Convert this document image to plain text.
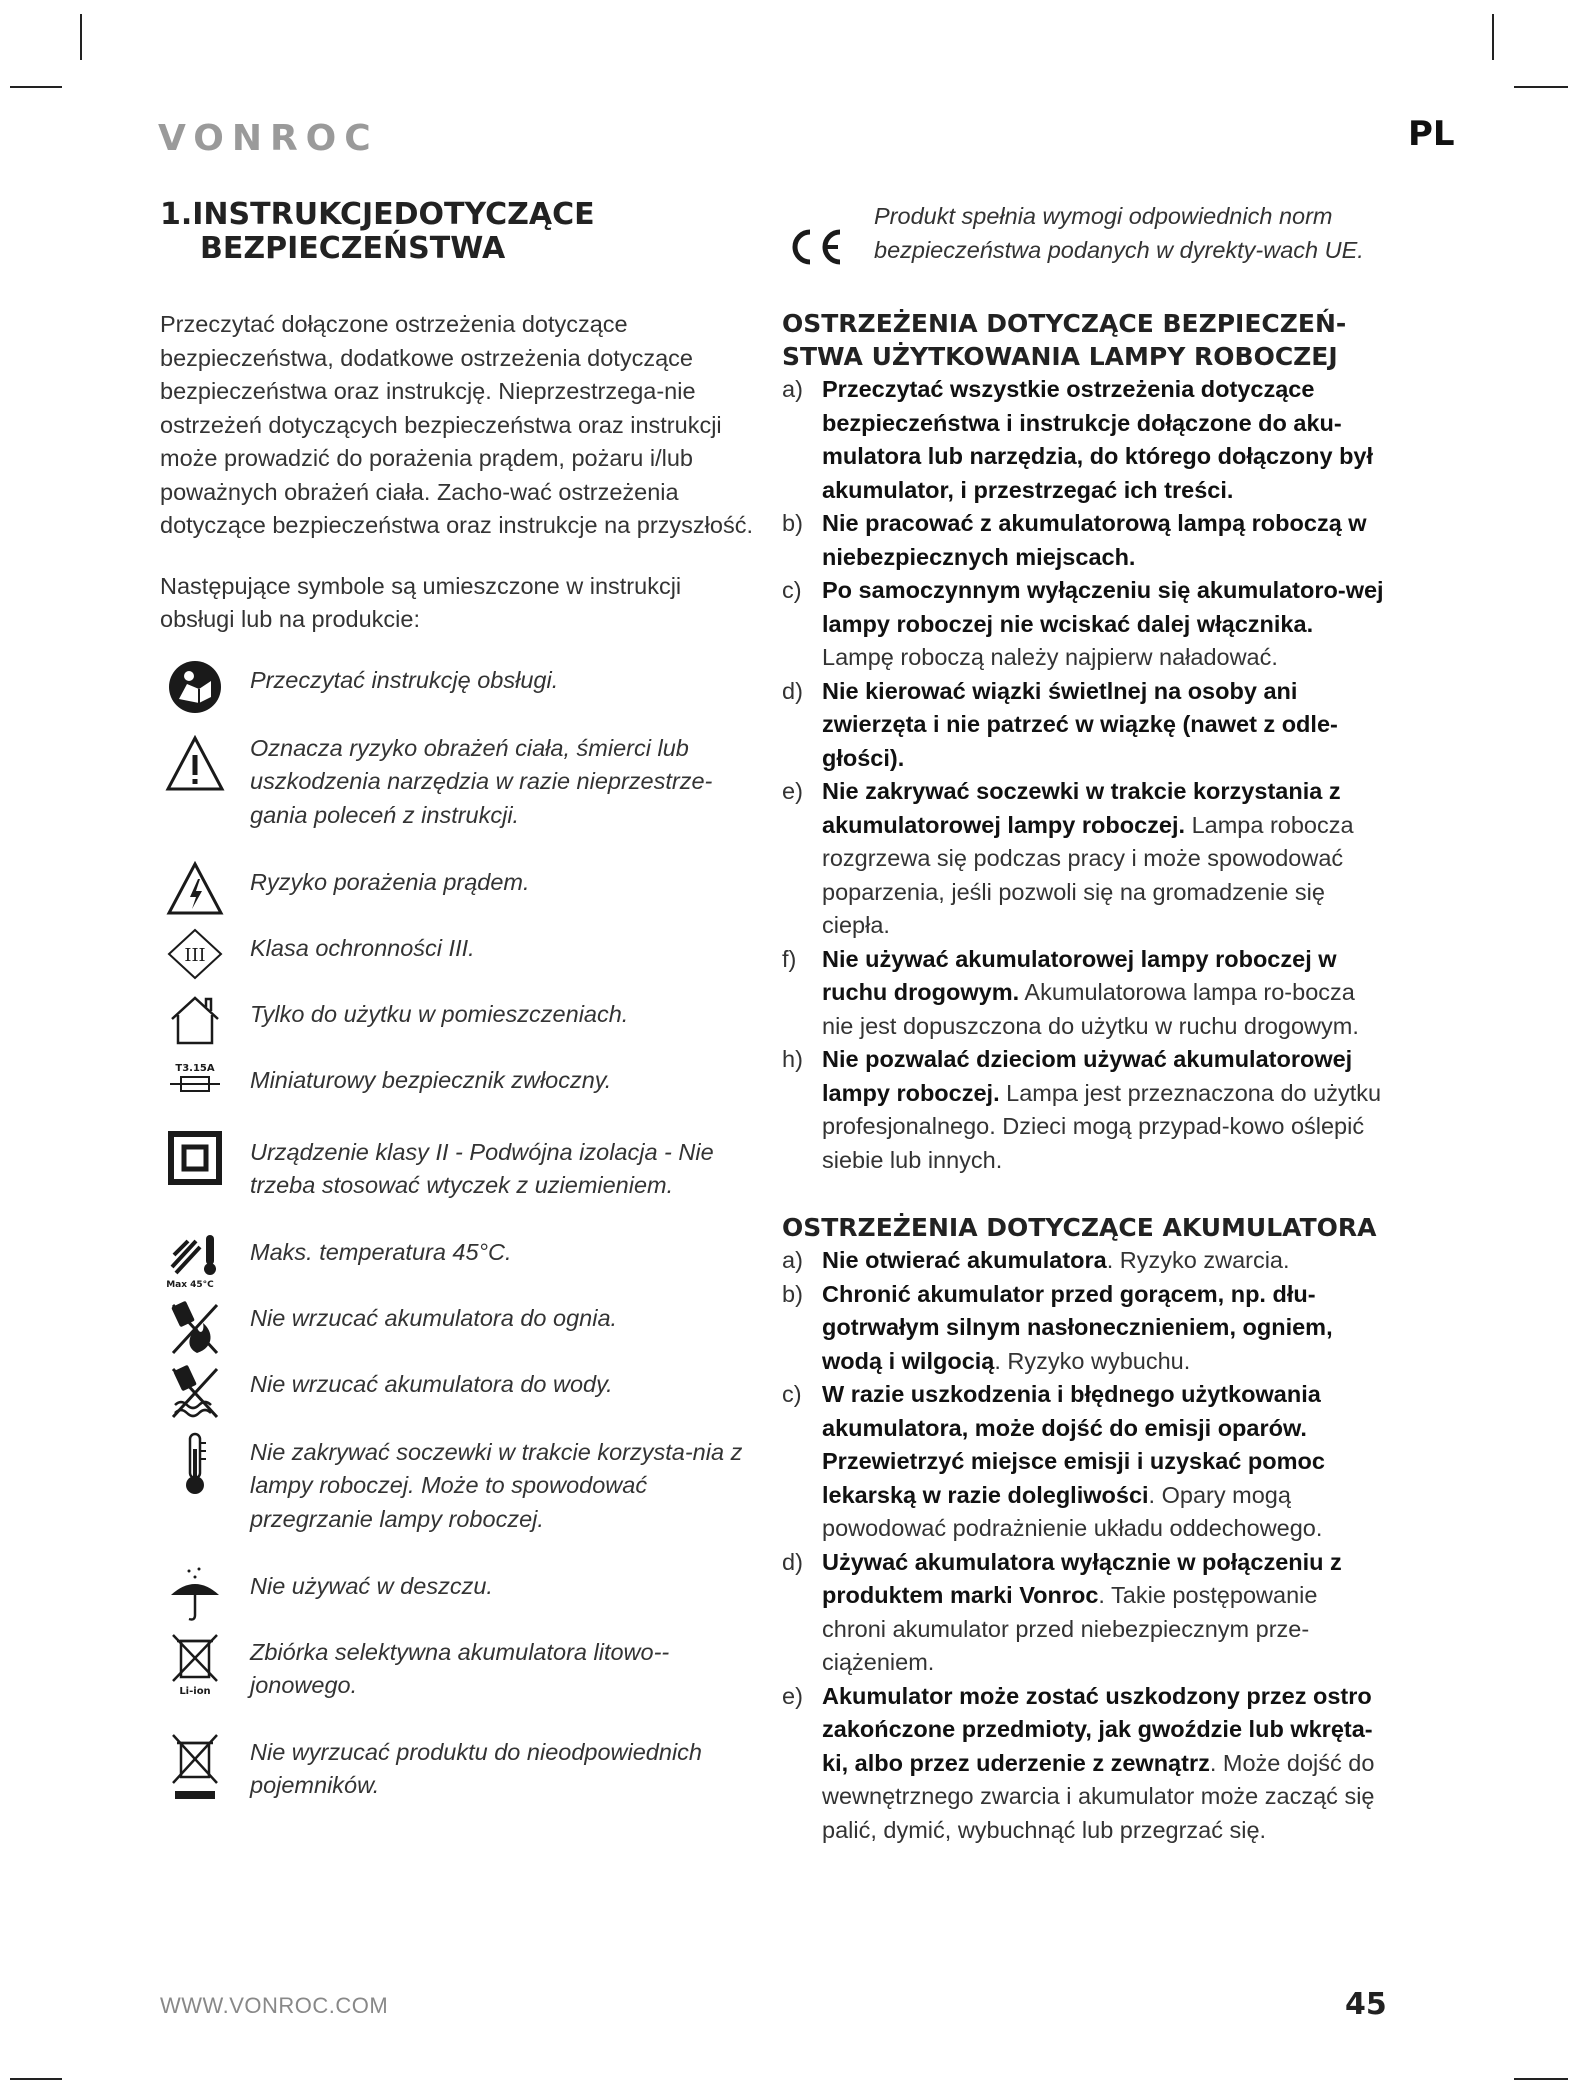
VONROC	PL
1.INSTRUKCJEDOTYCZĄCE
BEZPIECZEŃSTWA

Przeczytać dołączone ostrzeżenia dotyczące bezpieczeństwa, dodatkowe ostrzeżenia dotyczące bezpieczeństwa oraz instrukcję. Nieprzestrzega-nie ostrzeżeń dotyczących bezpieczeństwa oraz instrukcji może prowadzić do porażenia prądem, pożaru i/lub poważnych obrażeń ciała. Zacho-wać ostrzeżenia dotyczące bezpieczeństwa oraz instrukcje na przyszłość.

Następujące symbole są umieszczone w instrukcji obsługi lub na produkcie:

Przeczytać instrukcję obsługi.
Oznacza ryzyko obrażeń ciała, śmierci lub uszkodzenia narzędzia w razie nieprzestrze-gania poleceń z instrukcji.
Ryzyko porażenia prądem.
III	Klasa ochronności III.
Tylko do użytku w pomieszczeniach.
T3.15A	Miniaturowy bezpiecznik zwłoczny.
Urządzenie klasy II - Podwójna izolacja - Nie trzeba stosować wtyczek z uziemieniem.
Max 45°C
Maks. temperatura 45°C.
Nie wrzucać akumulatora do ognia.
Nie wrzucać akumulatora do wody.
Nie zakrywać soczewki w trakcie korzysta-nia z lampy roboczej. Może to spowodować przegrzanie lampy roboczej.
Nie używać w deszczu.
Li-ion
Zbiórka selektywna akumulatora litowo--jonowego.
Nie wyrzucać produktu do nieodpowiednich pojemników.
Produkt spełnia wymogi odpowiednich norm bezpieczeństwa podanych w dyrekty-wach UE.
OSTRZEŻENIA DOTYCZĄCE BEZPIECZEŃ-
STWA UŻYTKOWANIA LAMPY ROBOCZEJ
a) Przeczytać wszystkie ostrzeżenia dotyczące bezpieczeństwa i instrukcje dołączone do aku-mulatora lub narzędzia, do którego dołączony był akumulator, i przestrzegać ich treści.
b) Nie pracować z akumulatorową lampą roboczą w niebezpiecznych miejscach.
c) Po samoczynnym wyłączeniu się akumulatoro-wej lampy roboczej nie wciskać dalej włącznika. Lampę roboczą należy najpierw naładować.
d) Nie kierować wiązki świetlnej na osoby ani zwierzęta i nie patrzeć w wiązkę (nawet z odle-głości).
e) Nie zakrywać soczewki w trakcie korzystania z akumulatorowej lampy roboczej. Lampa robocza rozgrzewa się podczas pracy i może spowodować poparzenia, jeśli pozwoli się na gromadzenie się ciepła.
f)	Nie używać akumulatorowej lampy roboczej w ruchu drogowym. Akumulatorowa lampa ro-bocza nie jest dopuszczona do użytku w ruchu drogowym.
h) Nie pozwalać dzieciom używać akumulatorowej lampy roboczej. Lampa jest przeznaczona do użytku profesjonalnego. Dzieci mogą przypad-kowo oślepić siebie lub innych.
OSTRZEŻENIA DOTYCZĄCE AKUMULATORA
a) Nie otwierać akumulatora. Ryzyko zwarcia.
b) Chronić akumulator przed gorącem, np. dłu-gotrwałym silnym nasłonecznieniem, ogniem, wodą i wilgocią. Ryzyko wybuchu.
c) W razie uszkodzenia i błędnego użytkowania akumulatora, może dojść do emisji oparów. Przewietrzyć miejsce emisji i uzyskać pomoc lekarską w razie dolegliwości. Opary mogą powodować podrażnienie układu oddechowego.
d) Używać akumulatora wyłącznie w połączeniu z produktem marki Vonroc. Takie postępowanie chroni akumulator przed niebezpiecznym prze-ciążeniem.
e) Akumulator może zostać uszkodzony przez ostro zakończone przedmioty, jak gwoździe lub wkręta-ki, albo przez uderzenie z zewnątrz. Może dojść do wewnętrznego zwarcia i akumulator może zacząć się palić, dymić, wybuchnąć lub przegrzać się.
WWW.VONROC.COM	45
